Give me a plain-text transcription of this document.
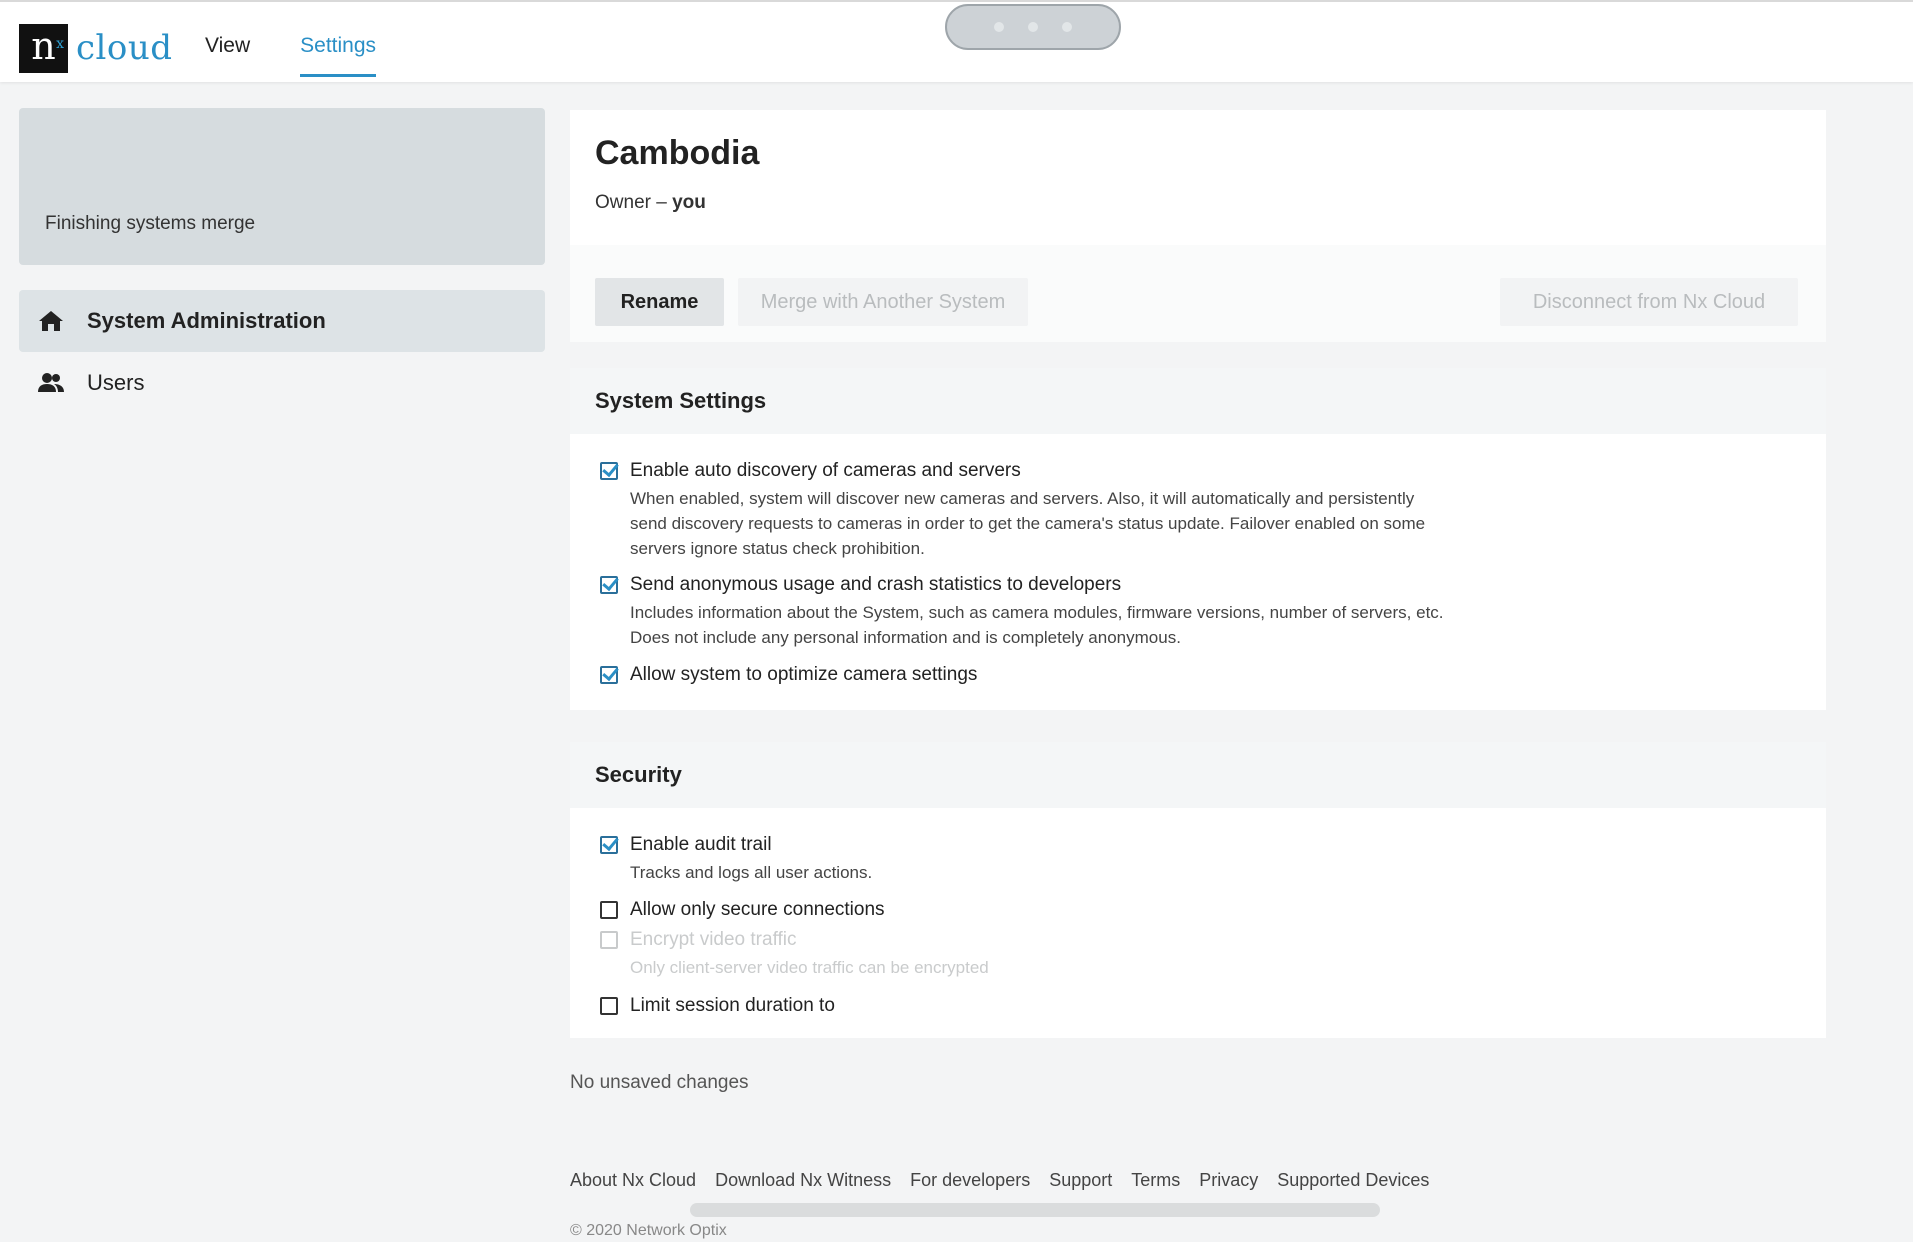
n x cloud View Settings
Finishing systems merge
System Administration
Users
Cambodia
Owner – you
Rename	Merge with Another System	Disconnect from Nx Cloud
System Settings
Enable auto discovery of cameras and servers
When enabled, system will discover new cameras and servers. Also, it will automatically and persistently send discovery requests to cameras in order to get the camera's status update. Failover enabled on some servers ignore status check prohibition.
Send anonymous usage and crash statistics to developers
Includes information about the System, such as camera modules, firmware versions, number of servers, etc. Does not include any personal information and is completely anonymous.
Allow system to optimize camera settings
Security
Enable audit trail
Tracks and logs all user actions.
Allow only secure connections
Encrypt video traffic
Only client-server video traffic can be encrypted
Limit session duration to
No unsaved changes
About Nx Cloud Download Nx Witness For developers Support Terms Privacy Supported Devices
© 2020 Network Optix
